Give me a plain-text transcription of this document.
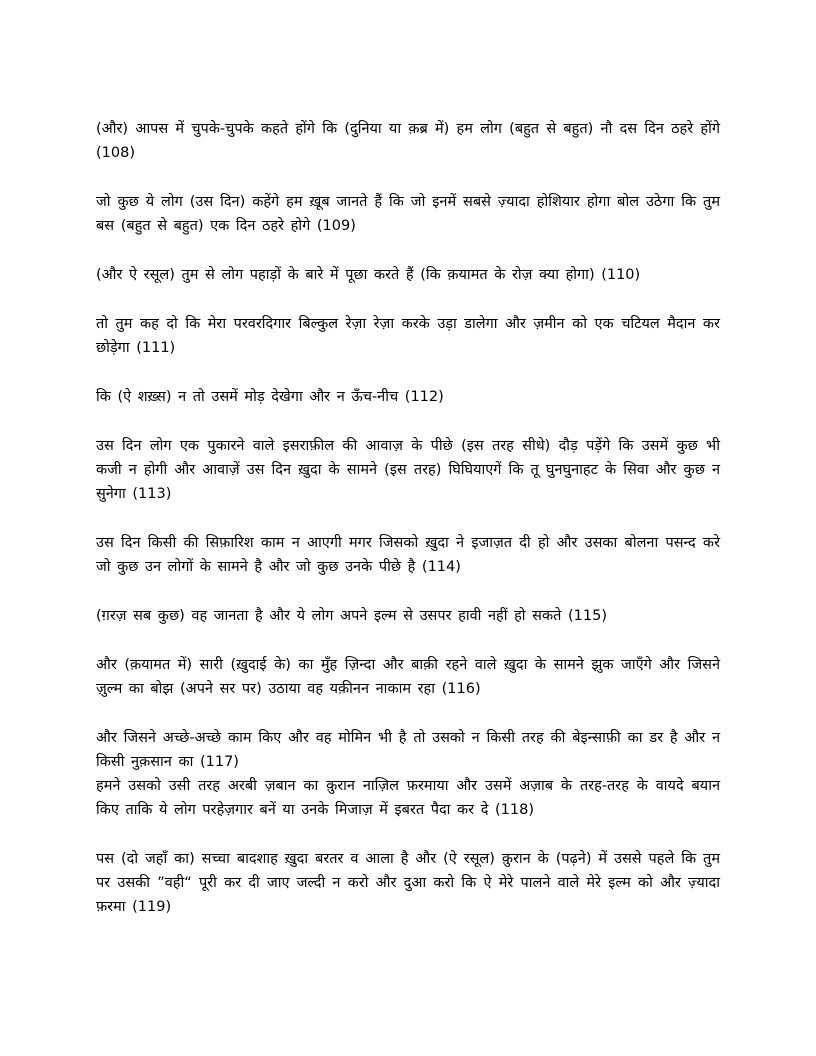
(और) आपस में चुपके-चुपके कहते होंगे कि (दुनिया या क़ब्र में) हम लोग (बहुत से बहुत) नौ दस दिन ठहरे होंगे (108)

जो कुछ ये लोग (उस दिन) कहेंगे हम ख़ूब जानते हैं कि जो इनमें सबसे ज़्यादा होशियार होगा बोल उठेगा कि तुम बस (बहुत से बहुत) एक दिन ठहरे होगे (109)

(और ऐ रसूल) तुम से लोग पहाड़ों के बारे में पूछा करते हैं (कि क़यामत के रोज़ क्या होगा) (110)

तो तुम कह दो कि मेरा परवरदिगार बिल्कुल रेज़ा रेज़ा करके उड़ा डालेगा और ज़मीन को एक चटियल मैदान कर छोड़ेगा (111)

कि (ऐ शख़्स) न तो उसमें मोड़ देखेगा और न ऊँच-नीच (112)

उस दिन लोग एक पुकारने वाले इसराफ़ील की आवाज़ के पीछे (इस तरह सीधे) दौड़ पड़ेंगे कि उसमें कुछ भी कजी न होगी और आवाज़ें उस दिन ख़ुदा के सामने (इस तरह) घिघियाएगें कि तू घुनघुनाहट के सिवा और कुछ न सुनेगा (113)

उस दिन किसी की सिफ़ारिश काम न आएगी मगर जिसको ख़ुदा ने इजाज़त दी हो और उसका बोलना पसन्द करे जो कुछ उन लोगों के सामने है और जो कुछ उनके पीछे है (114)

(ग़रज़ सब कुछ) वह जानता है और ये लोग अपने इल्म से उसपर हावी नहीं हो सकते (115)

और (क़यामत में) सारी (ख़ुदाई के) का मुँह ज़िन्दा और बाक़ी रहने वाले ख़ुदा के सामने झुक जाएँगे और जिसने ज़ुल्म का बोझ (अपने सर पर) उठाया वह यक़ीनन नाकाम रहा (116)

और जिसने अच्छे-अच्छे काम किए और वह मोमिन भी है तो उसको न किसी तरह की बेइन्साफ़ी का डर है और न किसी नुक़सान का (117)

हमने उसको उसी तरह अरबी ज़बान का क़ुरान नाज़िल फ़रमाया और उसमें अज़ाब के तरह-तरह के वायदे बयान किए ताकि ये लोग परहेज़गार बनें या उनके मिजाज़ में इबरत पैदा कर दे (118)

पस (दो जहाँ का) सच्चा बादशाह ख़ुदा बरतर व आला है और (ऐ रसूल) क़ुरान के (पढ़ने) में उससे पहले कि तुम पर उसकी ”वही“ पूरी कर दी जाए जल्दी न करो और दुआ करो कि ऐ मेरे पालने वाले मेरे इल्म को और ज़्यादा फ़रमा (119)
